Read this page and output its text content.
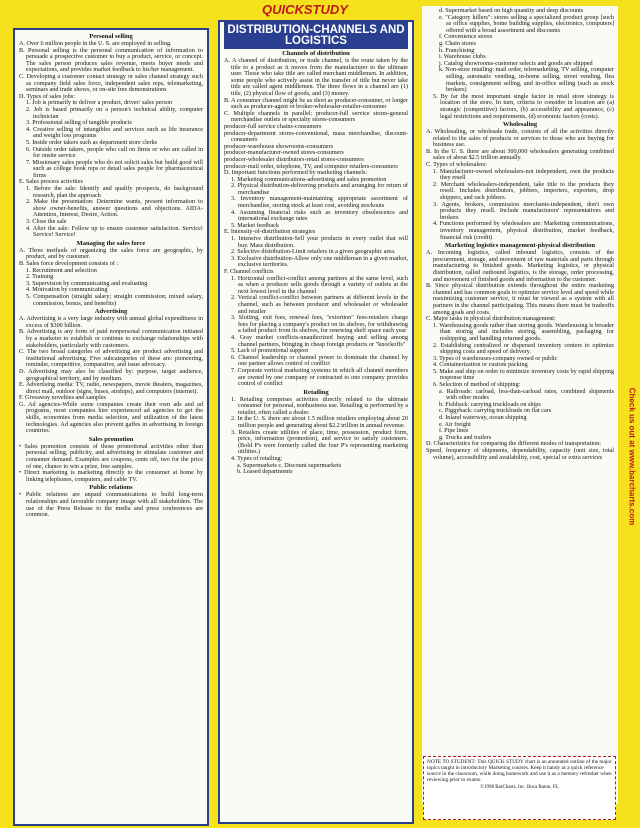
QUICKSTUDY
Personal selling

A. Over 6 million people in the U. S. are employed in selling.

B. Personal selling is the personal communication of information to persuade a prospective customer to buy a product, service, or concept. The sales person produces sales revenue, meets buyer needs and expectations, and provides market feedback to his/her management.

C. Developing a customer contact strategy or sales channel strategy such as company field sales force, independent sales reps, telemarketing, seminars and trade shows, or on-site free demonstrations

D. Types of sales jobs:

1. Job is primarily to deliver a product, driver/ sales person

2. Job is based primarily on a person's technical ability, computer technician

3. Professional selling of tangible products

4. Creative selling of intangibles and services such as life insurance and weight loss programs

5. Inside order takers such as department store clerks

6. Outside order takers, people who call on firms or who are called in for onsite service

7. Missionary sales people who do not solicit sales but build good will such as college book reps or detail sales people for pharmaceutical firms

E. Sales process activities

1. Before the sale: Identify and qualify prospects, do background research, plan the approach

2. Make the presentation: Determine wants, present information to show owner-benefits, answer questions and objections. AIDA- Attention, Interest, Desire, Action.

3. Close the sale

4. After the sale: Follow up to ensure customer satisfaction. Service! Service! Service!

Managing the sales force

A. Three methods of organizing the sales force are geographic, by product, and by customer.

B. Sales force development consists of :

1. Recruitment and selection

2. Training

3. Supervision by communicating and evaluating

4. Motivation by communicating

5. Compensation (straight salary; straight commission; mixed salary, commission, bonus, and benefits)

Advertising

A. Advertising is a very large industry with annual global expenditures in excess of $300 billion.

B. Advertising is any form of paid nonpersonal communication initiated by a marketer to establish or continue to exchange relationships with stakeholders, particularly with customers.

C. The two broad categories of advertising are product advertising and institutional advertising. Five subcategories of these are: pioneering, reminder, competitive, comparative, and issue advocacy.

D. Advertising may also be classified by: purpose, target audience, geographical territory, and by medium.

E. Advertising media: TV, radio, newspapers, movie theaters, magazines, direct mail, outdoor (signs, buses, airships), and computers (internet).

F. Giveaway novelties and samples

G. Ad agencies-While some companies create their own ads and ad programs, most companies hire experienced ad agencies to get the skills, economies from media selection, and utilization of the latest technologies. Ad agencies also prevent gaffes in advertising in foreign countries.

Sales promotion

• Sales promotion consists of those promotional activities other than personal selling, publicity, and advertising to stimulate customer and consumer demand. Examples are coupons, cents off, two for the price of one, chance to win a prize, free samples.

• Direct marketing is marketing directly to the consumer at home by linking telephones, computers, and cable TV.

Public relations

• Public relations are unpaid communications to build long-term relationships and favorable company image with all stakeholders. The use of the Press Release to the media and press conferences are common.

DISTRIBUTION-CHANNELS AND LOGISTICS
Channels of distribution

A. A channel of distribution, or trade channel, is the route taken by the title to a product as it moves from the manufacturer to the ultimate user. Those who take title are called merchant middlemen. In addition, some people who actively assist in the transfer of title but never take title are called agent middlemen. The three flows in a channel are (1) title, (2) physical flow of goods, and (3) money.

B. A consumer channel might be as short as producer-consumer, or longer such as producer-agent or broker-wholesaler-retailer-consumer

C. Multiple channels in parallel: producer-full service stores-general merchandise outlets or specialty stores-consumers

producer-full service chains-consumers

producer-department stores-conventional, mass merchandise, discount-consumers

producer-warehouse showrooms-consumers

producer-manufacturer-owned stores-consumers

producer-wholesaler distributors-retail stores-consumers

producer-mail order, telephone, TV, and computer retailers-consumers

D. Important functions performed by marketing channels:

1. Marketing communications-advertising and sales promotion

2. Physical distribution-delivering products and arranging for return of merchandise

3. Inventory management-maintaining appropriate assortment of merchandise, storing stock at least cost, avoiding stockouts

4. Assuming financial risks such as inventory obsolescence and international exchange rates

5. Market feedback

E. Intensity-of-distribution strategies

1. Intensive distribution-Sell your products in every outlet that will buy. Mass distribution.

2. Selective distribution-Limit retailers in a given geographic area.

3. Exclusive distribution-Allow only one middleman in a given market, exclusive territories.

F. Channel conflicts

1. Horizontal conflict-conflict among partners at the same level, such as when a producer sells goods through a variety of outlets at the next lowest level in the channel

2. Vertical conflict-conflict between partners at different levels in the channel, such as between producer and wholesaler or wholesaler and retailer

3. Slotting, exit fees, renewal fees, "extortion" fees-retailers charge fees for placing a company's product on its shelves, for withdrawing a failed product from its shelves, for renewing shelf space each year

4. Gray market conflicts-unauthorized buying and selling among channel partners, bringing in cheap foreign products or "knockoffs"

5. Lack of promotional support

6. Channel leadership or channel power to dominate the channel by one partner allows control of conflict

7. Corporate vertical marketing systems in which all channel members are owned by one company or contracted to one company provides control of conflict

Retailing

1. Retailing comprises activities directly related to the ultimate consumer for personal, nonbusiness use. Retailing is performed by a retailer, often called a dealer.

2. In the U. S. there are about 1.5 million retailers employing about 20 million people and generating about $2.2 trillion in annual revenue.

3. Retailers create utilities of place, time, possession, product form, price, information (promotion), and service to satisfy customers. (Bold P's were formerly called the four P's representing marketing utilities.)

4. Types of retailing:

a. Supermarkets c. Discount supermarkets

b. Leased departments

d. Supermarket based on high quantity and deep discounts

e. "Category killers": stores selling a specialized product group [such as office supplies, home building supplies, electronics, computers] offered with a broad assortment and discounts

f. Convenience stores

g. Chain stores

h. Franchising

i. Warehouse clubs

j. Catalog showrooms-customer selects and goods are shipped

k. Non-store retailing: mail order, telemarketing, TV selling, computer selling, automatic vending, in-home selling, street vending, flea markets, consignment selling, and in-office selling (such as stock brokers)

5. By far the most important single factor in retail store strategy is location of the store. In turn, criteria to consider in location are (a) strategic (competitive) factors, (b) accessibility and appearance, (c) legal restrictions and requirements, (d) economic factors (costs).

Wholesaling

A. Wholesaling, or wholesale trade, consists of all the activities directly related to the sales of products or services to those who are buying for business use.

B. In the U. S. there are about 300,000 wholesalers generating combined sales of about $2.5 trillion annually.

C. Types of wholesalers:

1. Manufacturer-owned wholesalers-not independent, own the products they resell

2. Merchant wholesalers-independent, take title to the products they resell. Includes distributors, jobbers, importers, exporters, drop shippers, and rack jobbers.

3. Agents, brokers, commission merchants-independent, don't own products they resell. Include manufacturers' representatives and brokers

4. Functions performed by wholesalers are: Marketing communications, inventory management, physical distribution, market feedback, financial risk (credit)

Marketing logistics management-physical distribution

A. Incoming logistics, called inbound logistics, consists of the procurement, storage, and movement of raw materials and parts through manufacturing to finished goods. Marketing logistics, or physical distribution, called outbound logistics, is the storage, order processing, and movement of finished goods and information to the customer.

B. Since physical distribution extends throughout the entire marketing channel and has common goals to optimize service level and speed while maximizing customer service, it must be viewed as a system with all partners in the channel participating. This means there must be tradeoffs among goals and costs.

C. Major tasks in physical distribution management:

1. Warehousing goods rather than storing goods. Warehousing is broader than storing and includes storing, assembling, packaging for reshipping, and handling returned goods.

2. Establishing centralized or dispersed inventory centers to optimize shipping costs and speed of delivery.

3. Types of warehouses-company owned or public

4. Containerization or custom packing

5. Make and ship on order to minimize inventory costs by rapid shipping response time

6. Selection of method of shipping:

a. Railroads: carload, less-than-carload rates, combined shipments with other modes

b. Fishback: carrying truckloads on ships

c. Piggyback: carrying truckloads on flat cars

d. Inland waterway, ocean shipping

e. Air freight

f. Pipe lines

g. Trucks and trailers

D. Characteristics for comparing the different modes of transportation:

Speed, frequency of shipments, dependability, capacity (unit size, total volume), accessibility and availability, cost, special or extra services	Check us out at www.barcharts.com
NOTE TO STUDENT: This QUICK STUDY chart is an annotated outline of the major topics taught in introductory Marketing courses. Keep it handy as a quick reference source in the classroom, while doing homework and use it as a memory refresher when reviewing prior to exams.
©1998 BarCharts, Inc. Boca Raton, FL
